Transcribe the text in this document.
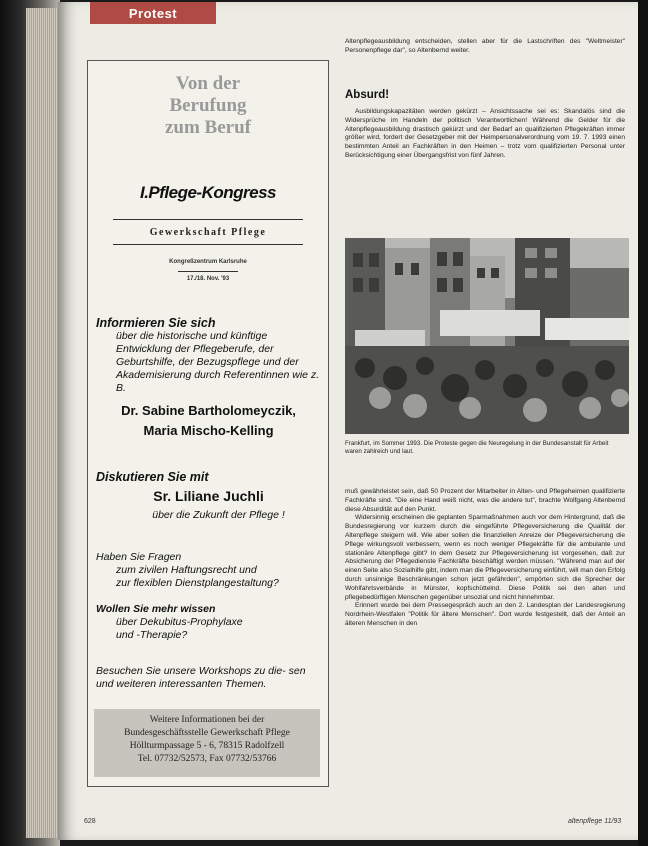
Protest
Von der
Berufung
zum Beruf
I.Pflege-Kongress
Gewerkschaft Pflege
Kongreßzentrum Karlsruhe
17./18. Nov. '93
Informieren Sie sich
über die historische und künftige Entwicklung der Pflegeberufe, der Geburtshilfe, der Bezugspflege und der Akademisierung durch Referentinnen wie z. B.
Dr. Sabine Bartholomeyczik,
Maria Mischo-Kelling
Diskutieren Sie mit
Sr. Liliane Juchli
über die Zukunft der Pflege !
Haben Sie Fragen
zum zivilen Haftungsrecht und
zur flexiblen Dienstplangestaltung?
Wollen Sie mehr wissen
über Dekubitus-Prophylaxe
und -Therapie?
Besuchen Sie unsere Workshops zu die- sen und weiteren interessanten Themen.
Weitere Informationen bei der
Bundesgeschäftsstelle Gewerkschaft Pflege
Höllturmpassage 5 - 6, 78315 Radolfzell
Tel. 07732/52573, Fax 07732/53766

Altenpflegeausbildung entscheiden, stellen aber für die Lastschriften des "Weltmeister" Personenpflege dar", so Altenbernd weiter.

Absurd!

Ausbildungskapazitäten werden gekürzt – Ansichtssache sei es: Skandalös sind die Widersprüche im Handeln der politisch Verantwortlichen! Während die Gelder für die Altenpflegeausbildung drastisch gekürzt und der Bedarf an qualifizierten Pflegekräften immer größer wird, fordert der Gesetzgeber mit der Heimpersonalverordnung vom 19. 7. 1993 einen bestimmten Anteil an Fachkräften in den Heimen – trotz vom qualifizierten Personal unter Berücksichtigung einer Übergangsfrist von fünf Jahren.

Frankfurt, im Sommer 1993. Die Proteste gegen die Neuregelung in der Bundesanstalt für Arbeit waren zahlreich und laut.

muß gewährleistet sein, daß 50 Prozent der Mitarbeiter in Alten- und Pflegeheimen qualifizierte Fachkräfte sind. "Die eine Hand weiß nicht, was die andere tut", brachte Wolfgang Altenbernd diese Absurdität auf den Punkt.

Widersinnig erscheinen die geplanten Sparmaßnahmen auch vor dem Hintergrund, daß die Bundesregierung vor kurzem durch die eingeführte Pflegeversicherung die Qualität der Altenpflege steigern will. Wie aber sollen die finanziellen Anreize der Pflegeversicherung die Pflege wirkungsvoll verbessern, wenn es noch weniger Pflegekräfte für die ambulante und stationäre Altenpflege gibt? In dem Gesetz zur Pflegeversicherung ist vorgesehen, daß zur Absicherung der Pflegedienste Fachkräfte beschäftigt werden müssen. "Während man auf der einen Seite also Sozialhilfe gibt, indem man die Pflegeversicherung einführt, will man den Erfolg durch unsinnige Beschränkungen schon jetzt gefährden", empörten sich die Sprecher der Wohlfahrtsverbände in Münster, kopfschüttelnd. Diese Politik sei den alten und pflegebedürftigen Menschen gegenüber unsozial und nicht hinnehmbar.

Erinnert wurde bei dem Pressegespräch auch an den 2. Landesplan der Landesregierung Nordrhein-Westfalen "Politik für ältere Menschen". Dort wurde festgestellt, daß der Anteil an älteren Menschen in den

628	altenpflege 11/93
